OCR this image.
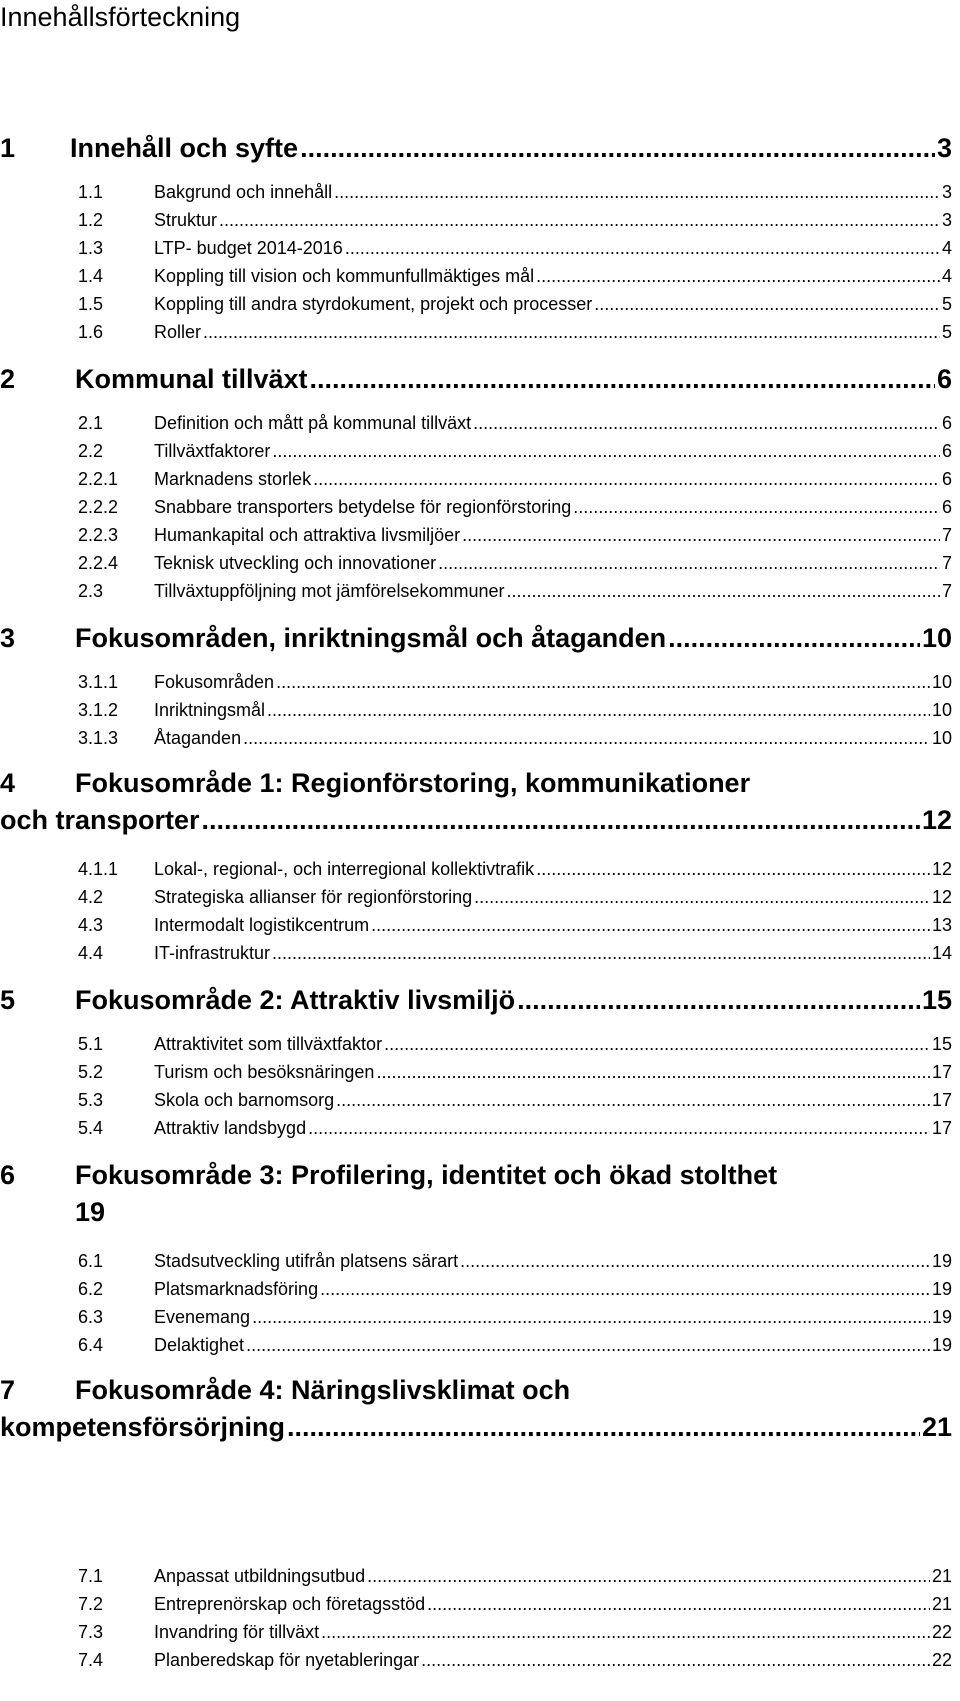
Innehållsförteckning
1	Innehåll och syfte .....	3
1.1	Bakgrund och innehåll .....	3
1.2	Struktur .....	3
1.3	LTP- budget 2014-2016 .....	4
1.4	Koppling till vision och kommunfullmäktiges mål .....	4
1.5	Koppling till andra styrdokument, projekt och processer .....	5
1.6	Roller .....	5
2	Kommunal tillväxt .....	6
2.1	Definition och mått på kommunal tillväxt .....	6
2.2	Tillväxtfaktorer .....	6
2.2.1	Marknadens storlek .....	6
2.2.2	Snabbare transporters betydelse för regionförstoring .....	6
2.2.3	Humankapital och attraktiva livsmiljöer .....	7
2.2.4	Teknisk utveckling och innovationer .....	7
2.3	Tillväxtuppföljning mot jämförelsekommuner .....	7
3	Fokusområden, inriktningsmål och åtaganden .....	10
3.1.1	Fokusområden .....	10
3.1.2	Inriktningsmål .....	10
3.1.3	Åtaganden .....	10
4 Fokusområde 1: Regionförstoring, kommunikationer
och transporter .....	12
4.1.1	Lokal-, regional-, och interregional kollektivtrafik .....	12
4.2	Strategiska allianser för regionförstoring .....	12
4.3	Intermodalt logistikcentrum .....	13
4.4	IT-infrastruktur .....	14
5	Fokusområde 2: Attraktiv livsmiljö .....	15
5.1	Attraktivitet som tillväxtfaktor .....	15
5.2	Turism och besöksnäringen .....	17
5.3	Skola och barnomsorg .....	17
5.4	Attraktiv landsbygd .....	17
6 Fokusområde 3: Profilering, identitet och ökad stolthet
19
6.1	Stadsutveckling utifrån platsens särart .....	19
6.2	Platsmarknadsföring .....	19
6.3	Evenemang .....	19
6.4	Delaktighet .....	19
7 Fokusområde 4: Näringslivsklimat och
kompetensförsörjning .....	21
7.1	Anpassat utbildningsutbud .....	21
7.2	Entreprenörskap och företagsstöd .....	21
7.3	Invandring för tillväxt .....	22
7.4	Planberedskap för nyetableringar .....	22
